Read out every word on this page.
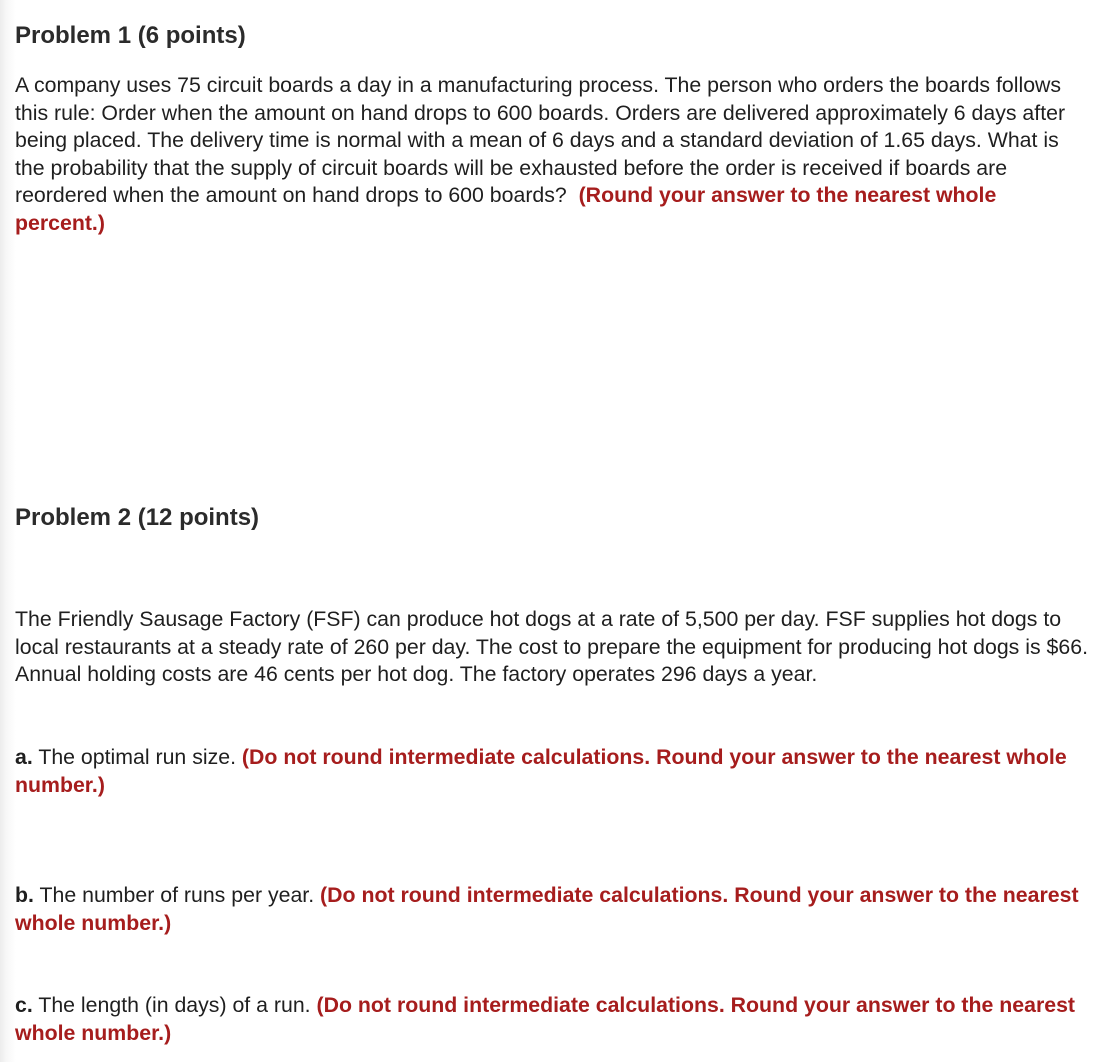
Problem 1 (6 points)
A company uses 75 circuit boards a day in a manufacturing process. The person who orders the boards follows this rule: Order when the amount on hand drops to 600 boards. Orders are delivered approximately 6 days after being placed. The delivery time is normal with a mean of 6 days and a standard deviation of 1.65 days. What is the probability that the supply of circuit boards will be exhausted before the order is received if boards are reordered when the amount on hand drops to 600 boards? (Round your answer to the nearest whole percent.)
Problem 2 (12 points)
The Friendly Sausage Factory (FSF) can produce hot dogs at a rate of 5,500 per day. FSF supplies hot dogs to local restaurants at a steady rate of 260 per day. The cost to prepare the equipment for producing hot dogs is $66. Annual holding costs are 46 cents per hot dog. The factory operates 296 days a year.
a. The optimal run size. (Do not round intermediate calculations. Round your answer to the nearest whole number.)
b. The number of runs per year. (Do not round intermediate calculations. Round your answer to the nearest whole number.)
c. The length (in days) of a run. (Do not round intermediate calculations. Round your answer to the nearest whole number.)
